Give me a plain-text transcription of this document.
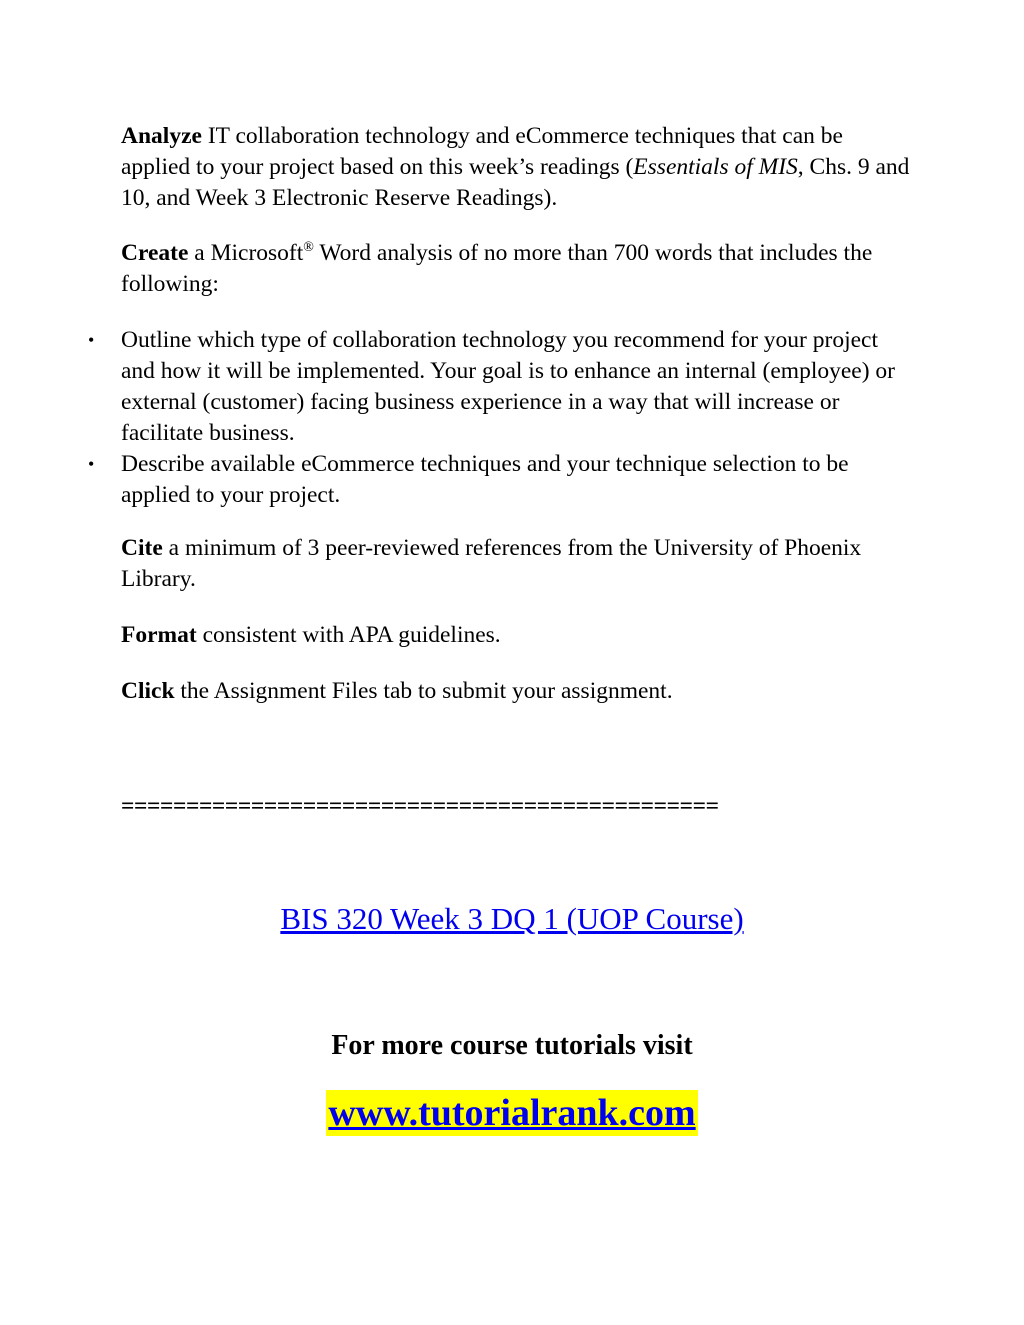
Analyze IT collaboration technology and eCommerce techniques that can be applied to your project based on this week’s readings (Essentials of MIS, Chs. 9 and 10, and Week 3 Electronic Reserve Readings).

Create a Microsoft® Word analysis of no more than 700 words that includes the following:

• Outline which type of collaboration technology you recommend for your project and how it will be implemented. Your goal is to enhance an internal (employee) or external (customer) facing business experience in a way that will increase or facilitate business.
• Describe available eCommerce techniques and your technique selection to be applied to your project.

Cite a minimum of 3 peer-reviewed references from the University of Phoenix Library.

Format consistent with APA guidelines.

Click the Assignment Files tab to submit your assignment.

==============================================
BIS 320 Week 3 DQ 1 (UOP Course)
For more course tutorials visit
www.tutorialrank.com
